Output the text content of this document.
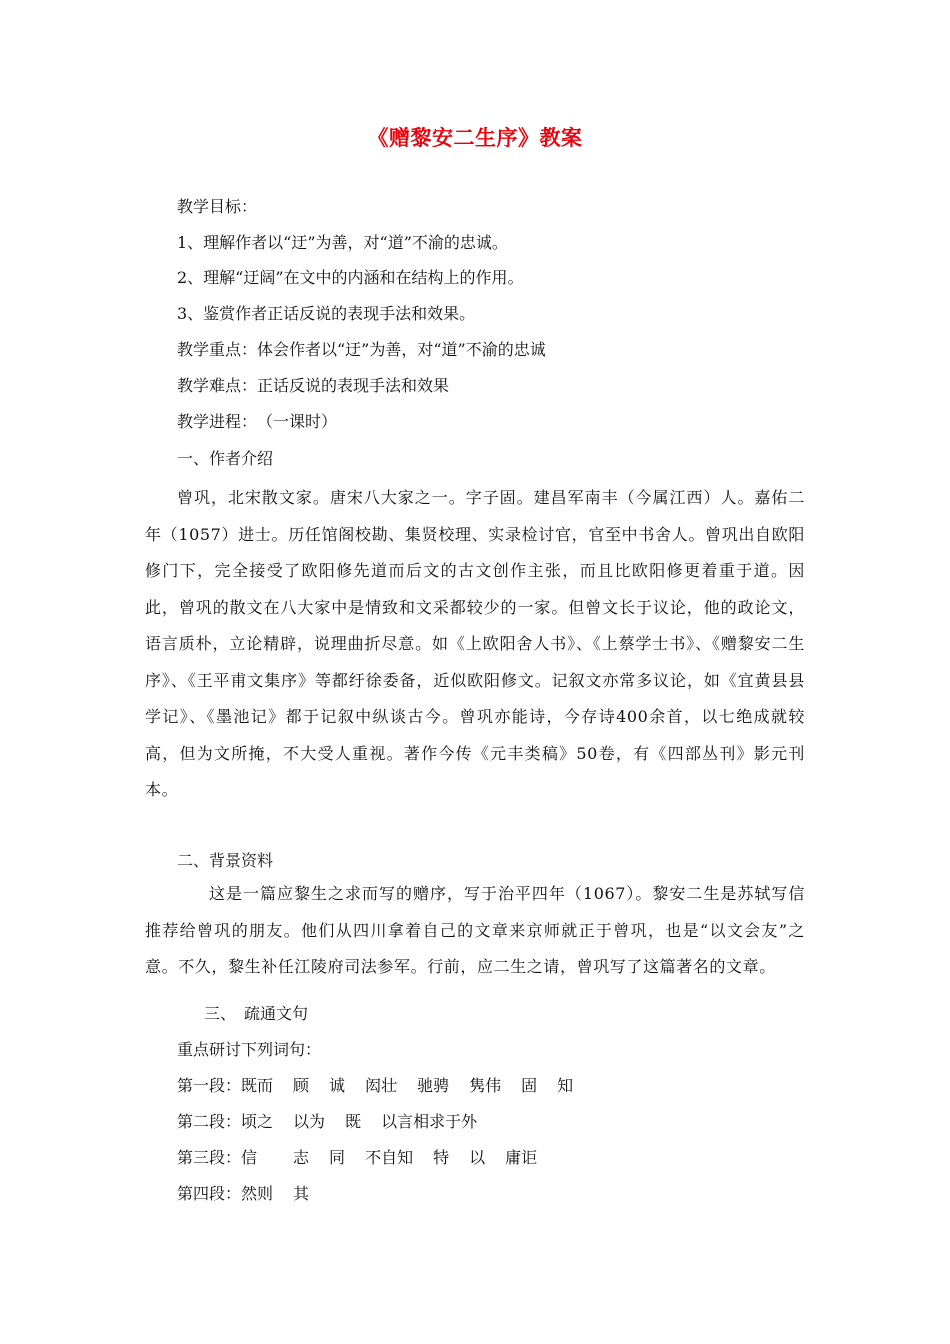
《赠黎安二生序》教案
教学目标：
1、理解作者以“迂”为善，对“道”不渝的忠诚。
2、理解“迂阔”在文中的内涵和在结构上的作用。
3、鉴赏作者正话反说的表现手法和效果。
教学重点：体会作者以“迂”为善，对“道”不渝的忠诚
教学难点：正话反说的表现手法和效果
教学进程：　（一课时）
一、作者介绍
曾巩，北宋散文家。唐宋八大家之一。字子固。建昌军南丰（今属江西）人。嘉佑二年（1057）进士。历任馆阁校勘、集贤校理、实录检讨官，官至中书舍人。曾巩出自欧阳修门下，完全接受了欧阳修先道而后文的古文创作主张，而且比欧阳修更着重于道。因此，曾巩的散文在八大家中是情致和文采都较少的一家。但曾文长于议论，他的政论文，语言质朴，立论精辟，说理曲折尽意。如《上欧阳舍人书》、《上蔡学士书》、《赠黎安二生序》、《王平甫文集序》等都纡徐委备，近似欧阳修文。记叙文亦常多议论，如《宜黄县县学记》、《墨池记》都于记叙中纵谈古今。曾巩亦能诗，今存诗400余首，以七绝成就较高，但为文所掩，不大受人重视。著作今传《元丰类稿》50卷，有《四部丛刊》影元刊本。
二、背景资料
这是一篇应黎生之求而写的赠序，写于治平四年（1067）。黎安二生是苏轼写信推荐给曾巩的朋友。他们从四川拿着自己的文章来京师就正于曾巩，也是“以文会友”之意。不久，黎生补任江陵府司法参军。行前，应二生之请，曾巩写了这篇著名的文章。
三、　疏通文句
重点研讨下列词句：
第一段：既而 顾 诚 闳壮 驰骋 隽伟 固 知
第二段：顷之 以为 既 以言相求于外
第三段：信 志 同 不自知 特 以 庸讵
第四段：然则 其
